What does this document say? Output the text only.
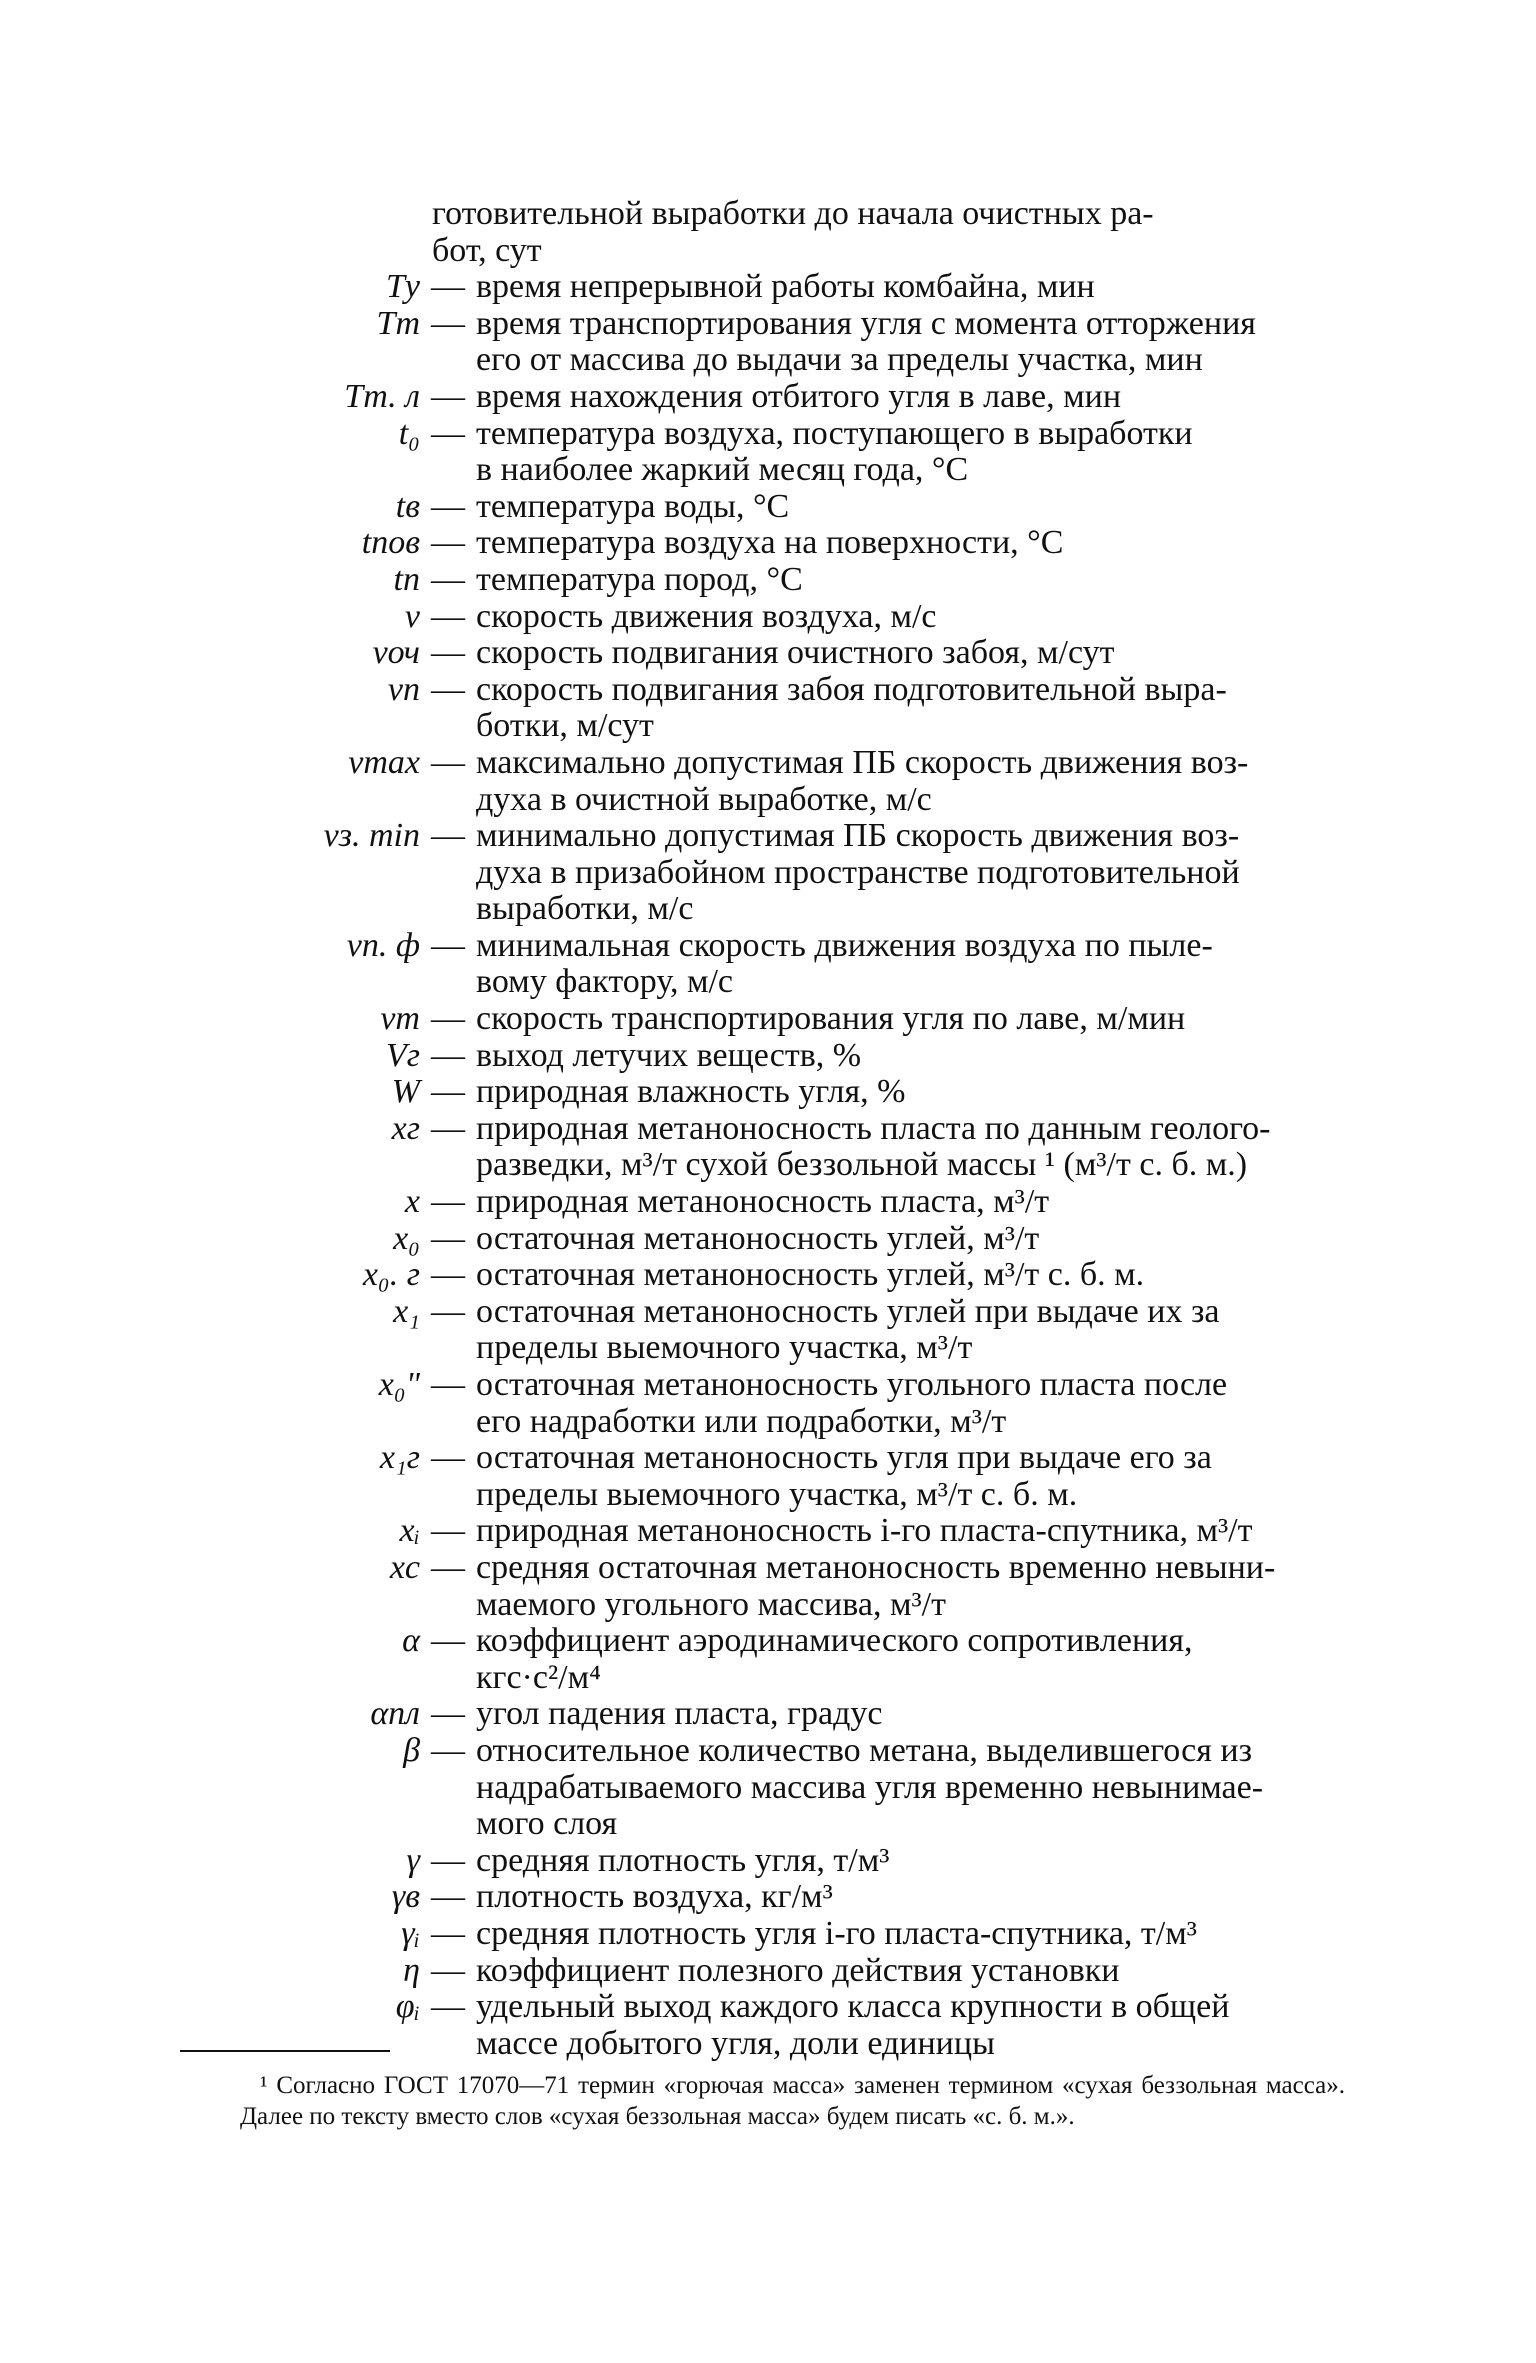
готовительной выработки до начала очистных ра-
бот, сут
Tу — время непрерывной работы комбайна, мин
Tт — время транспортирования угля с момента отторжения
его от массива до выдачи за пределы участка, мин
Tт. л — время нахождения отбитого угля в лаве, мин
t₀ — температура воздуха, поступающего в выработки
в наиболее жаркий месяц года, °С
tв — температура воды, °С
tпов — температура воздуха на поверхности, °С
tп — температура пород, °С
v — скорость движения воздуха, м/с
vоч — скорость подвигания очистного забоя, м/сут
vп — скорость подвигания забоя подготовительной выра-
ботки, м/сут
vmax — максимально допустимая ПБ скорость движения воз-
духа в очистной выработке, м/с
vз. min — минимально допустимая ПБ скорость движения воз-
духа в призабойном пространстве подготовительной
выработки, м/с
vп. ф — минимальная скорость движения воздуха по пыле-
вому фактору, м/с
vт — скорость транспортирования угля по лаве, м/мин
Vг — выход летучих веществ, %
W — природная влажность угля, %
xг — природная метаноносность пласта по данным геолого-
разведки, м³/т сухой беззольной массы ¹ (м³/т с. б. м.)
x — природная метаноносность пласта, м³/т
x₀ — остаточная метаноносность углей, м³/т
x₀. г — остаточная метаноносность углей, м³/т с. б. м.
x₁ — остаточная метаноносность углей при выдаче их за
пределы выемочного участка, м³/т
x₀" — остаточная метаноносность угольного пласта после
его надработки или подработки, м³/т
x₁г — остаточная метаноносность угля при выдаче его за
пределы выемочного участка, м³/т с. б. м.
xᵢ — природная метаноносность i-го пласта-спутника, м³/т
xс — средняя остаточная метаноносность временно невыни-
маемого угольного массива, м³/т
α — коэффициент аэродинамического сопротивления,
кгс·с²/м⁴
αпл — угол падения пласта, градус
β — относительное количество метана, выделившегося из
надрабатываемого массива угля временно невынимае-
мого слоя
γ — средняя плотность угля, т/м³
γв — плотность воздуха, кг/м³
γᵢ — средняя плотность угля i-го пласта-спутника, т/м³
η — коэффициент полезного действия установки
φᵢ — удельный выход каждого класса крупности в общей
массе добытого угля, доли единицы
¹ Согласно ГОСТ 17070—71 термин «горючая масса» заменен термином «сухая беззольная масса». Далее по тексту вместо слов «сухая беззольная масса» будем писать «с. б. м.».
